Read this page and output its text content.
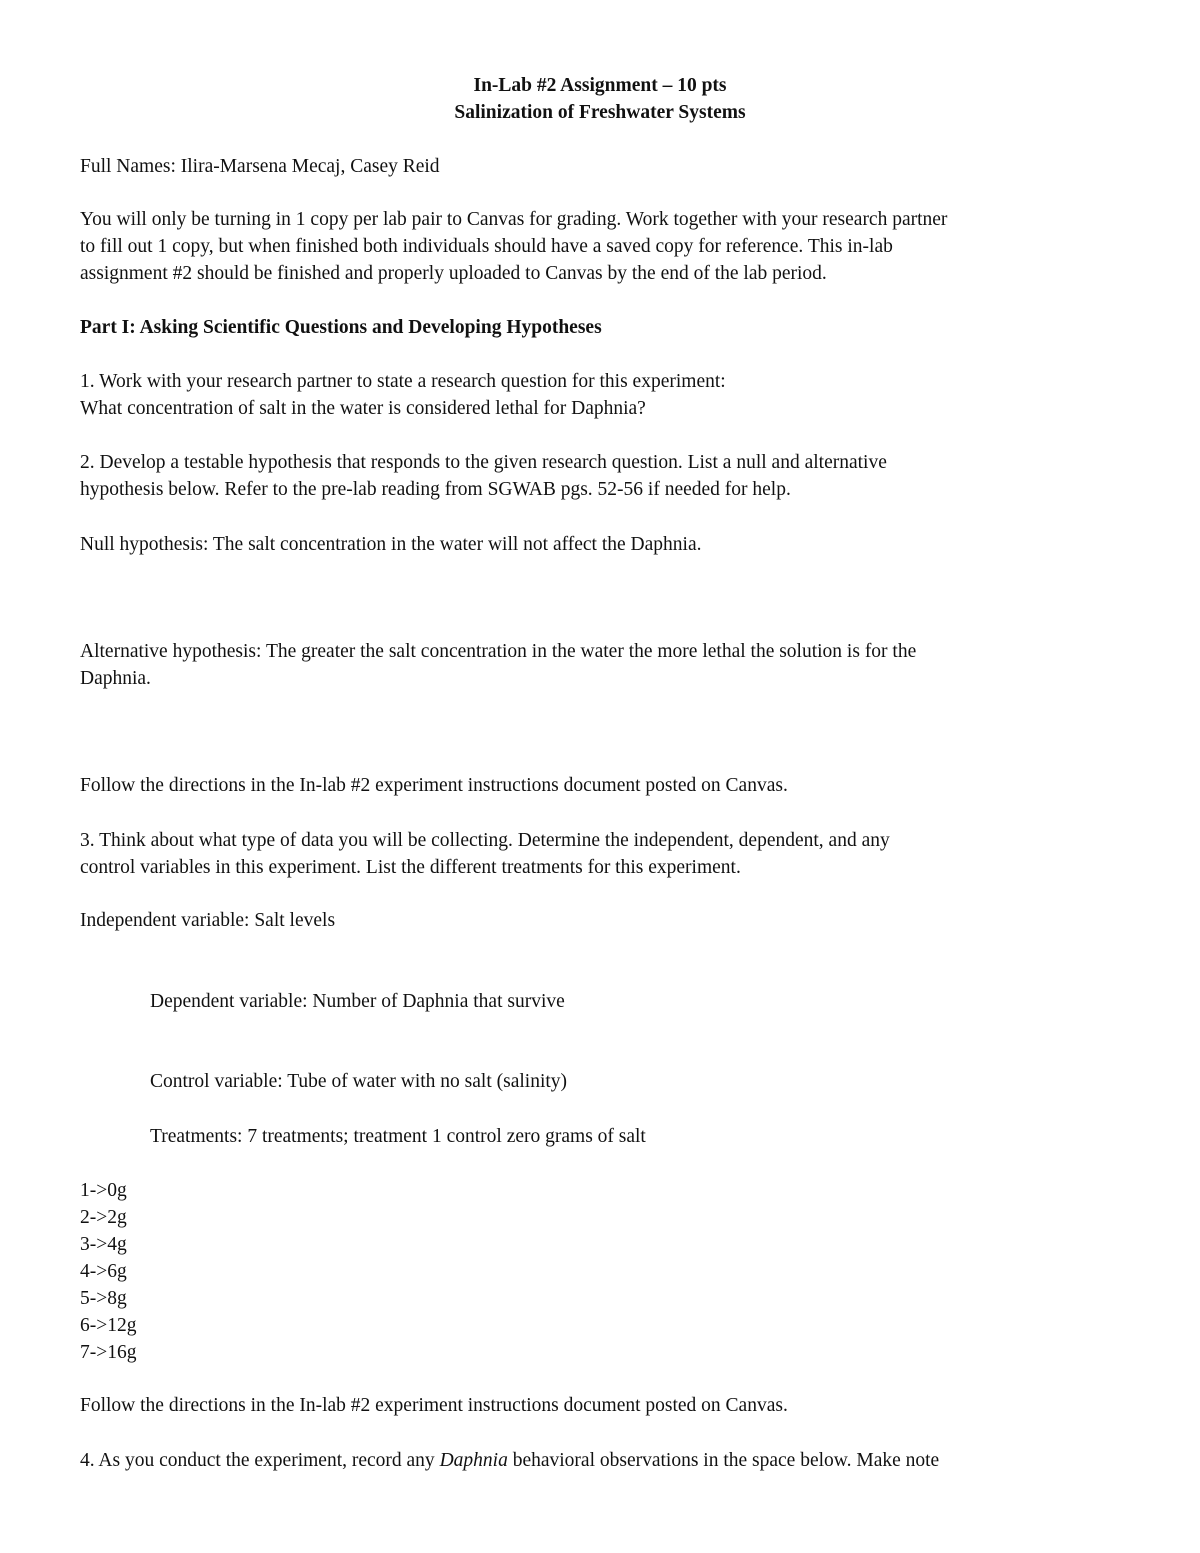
In-Lab #2 Assignment – 10 pts
Salinization of Freshwater Systems
Full Names: Ilira-Marsena Mecaj, Casey Reid
You will only be turning in 1 copy per lab pair to Canvas for grading. Work together with your research partner
to fill out 1 copy, but when finished both individuals should have a saved copy for reference. This in-lab
assignment #2 should be finished and properly uploaded to Canvas by the end of the lab period.
Part I: Asking Scientific Questions and Developing Hypotheses
1. Work with your research partner to state a research question for this experiment:
What concentration of salt in the water is considered lethal for Daphnia?
2. Develop a testable hypothesis that responds to the given research question. List a null and alternative
hypothesis below. Refer to the pre-lab reading from SGWAB pgs. 52-56 if needed for help.
Null hypothesis: The salt concentration in the water will not affect the Daphnia.
Alternative hypothesis: The greater the salt concentration in the water the more lethal the solution is for the
Daphnia.
Follow the directions in the In-lab #2 experiment instructions document posted on Canvas.
3. Think about what type of data you will be collecting. Determine the independent, dependent, and any
control variables in this experiment. List the different treatments for this experiment.
Independent variable: Salt levels
Dependent variable: Number of Daphnia that survive
Control variable: Tube of water with no salt (salinity)
Treatments: 7 treatments; treatment 1 control zero grams of salt
1->0g
2->2g
3->4g
4->6g
5->8g
6->12g
7->16g
Follow the directions in the In-lab #2 experiment instructions document posted on Canvas.
4. As you conduct the experiment, record any Daphnia behavioral observations in the space below. Make note
